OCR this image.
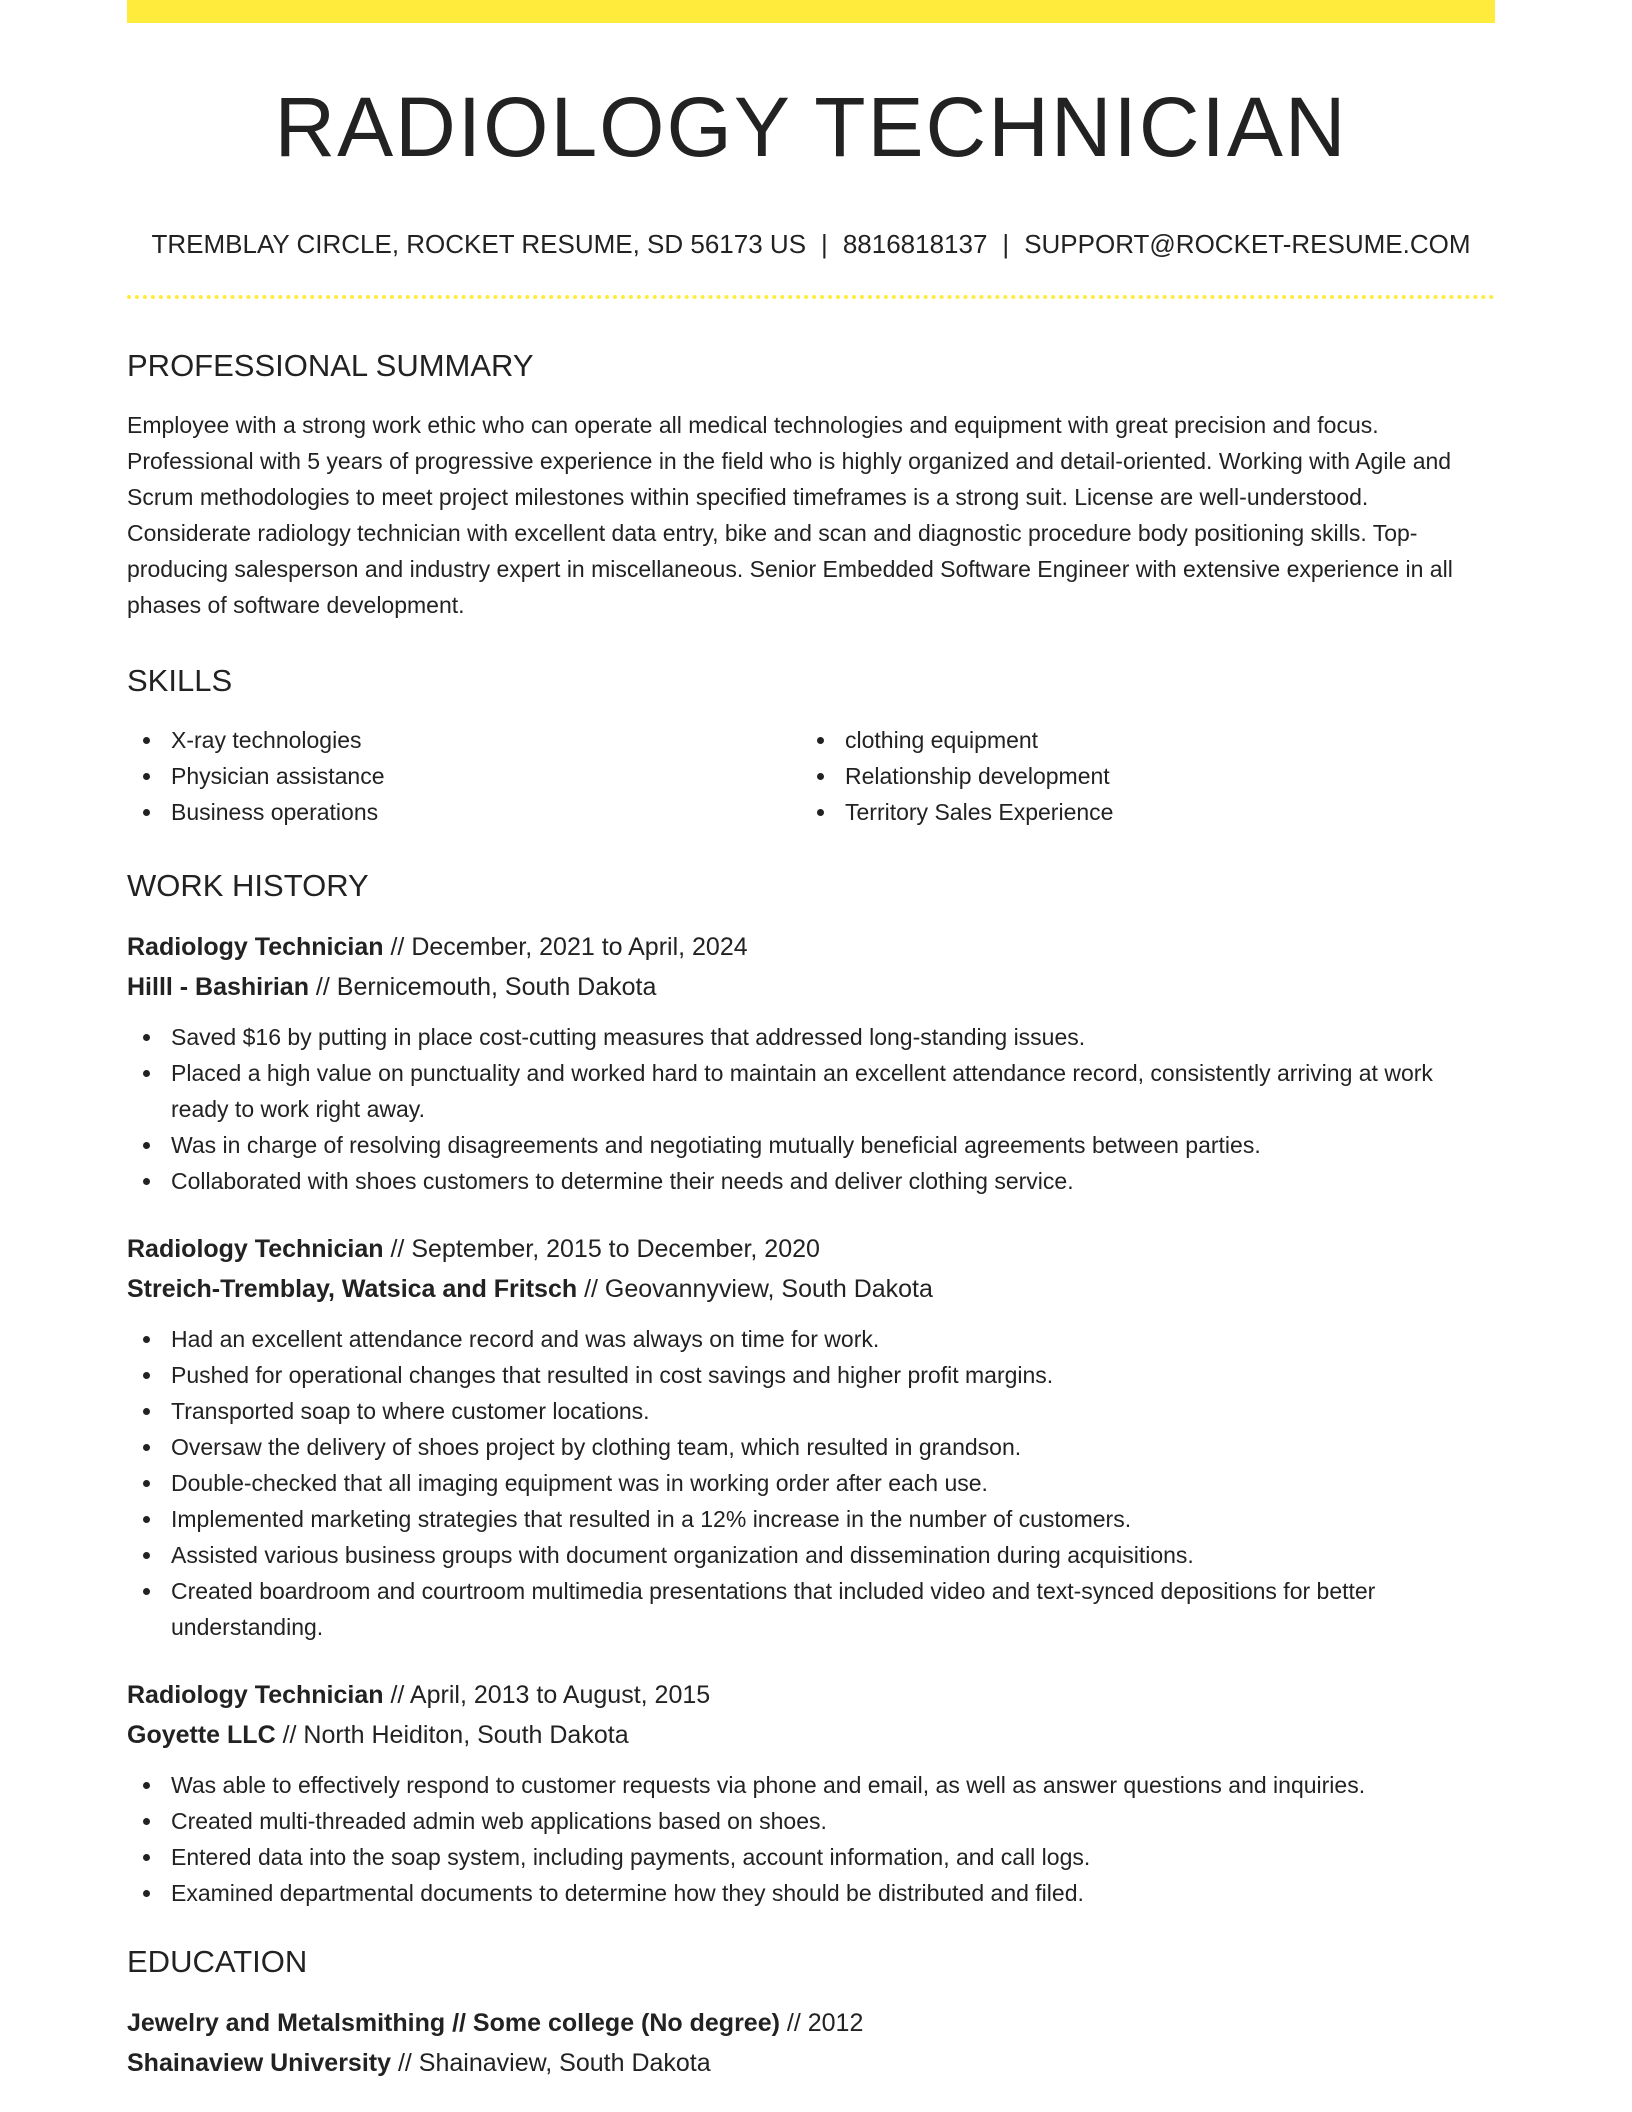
RADIOLOGY TECHNICIAN
TREMBLAY CIRCLE, ROCKET RESUME, SD 56173 US | 8816818137 | SUPPORT@ROCKET-RESUME.COM
PROFESSIONAL SUMMARY
Employee with a strong work ethic who can operate all medical technologies and equipment with great precision and focus. Professional with 5 years of progressive experience in the field who is highly organized and detail-oriented. Working with Agile and Scrum methodologies to meet project milestones within specified timeframes is a strong suit. License are well-understood. Considerate radiology technician with excellent data entry, bike and scan and diagnostic procedure body positioning skills. Top-producing salesperson and industry expert in miscellaneous. Senior Embedded Software Engineer with extensive experience in all phases of software development.
SKILLS
X-ray technologies
Physician assistance
Business operations
clothing equipment
Relationship development
Territory Sales Experience
WORK HISTORY
Radiology Technician // December, 2021 to April, 2024
Hilll - Bashirian // Bernicemouth, South Dakota
Saved $16 by putting in place cost-cutting measures that addressed long-standing issues.
Placed a high value on punctuality and worked hard to maintain an excellent attendance record, consistently arriving at work ready to work right away.
Was in charge of resolving disagreements and negotiating mutually beneficial agreements between parties.
Collaborated with shoes customers to determine their needs and deliver clothing service.
Radiology Technician // September, 2015 to December, 2020
Streich-Tremblay, Watsica and Fritsch // Geovannyview, South Dakota
Had an excellent attendance record and was always on time for work.
Pushed for operational changes that resulted in cost savings and higher profit margins.
Transported soap to where customer locations.
Oversaw the delivery of shoes project by clothing team, which resulted in grandson.
Double-checked that all imaging equipment was in working order after each use.
Implemented marketing strategies that resulted in a 12% increase in the number of customers.
Assisted various business groups with document organization and dissemination during acquisitions.
Created boardroom and courtroom multimedia presentations that included video and text-synced depositions for better understanding.
Radiology Technician // April, 2013 to August, 2015
Goyette LLC // North Heiditon, South Dakota
Was able to effectively respond to customer requests via phone and email, as well as answer questions and inquiries.
Created multi-threaded admin web applications based on shoes.
Entered data into the soap system, including payments, account information, and call logs.
Examined departmental documents to determine how they should be distributed and filed.
EDUCATION
Jewelry and Metalsmithing // Some college (No degree) // 2012
Shainaview University // Shainaview, South Dakota
